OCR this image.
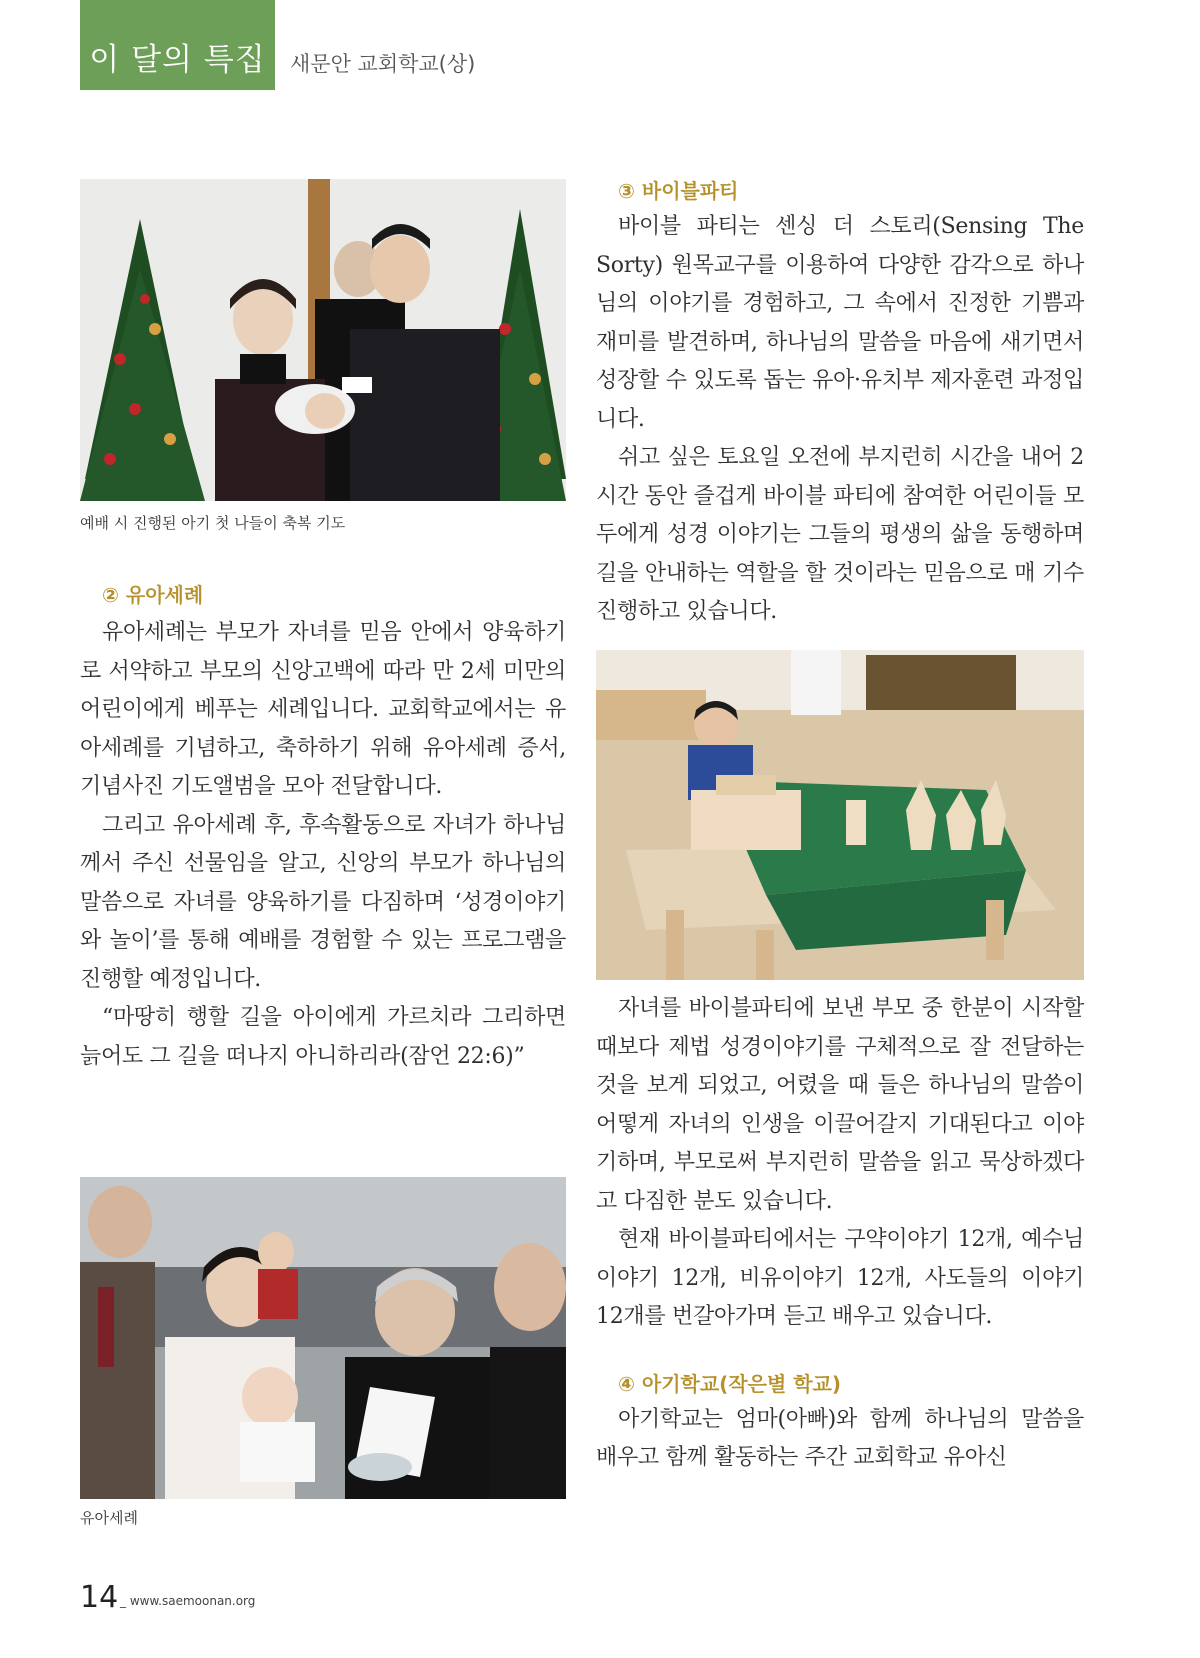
이 달의 특집	새문안 교회학교(상)
예배 시 진행된 아기 첫 나들이 축복 기도
② 유아세례

유아세례는 부모가 자녀를 믿음 안에서 양육하기로 서약하고 부모의 신앙고백에 따라 만 2세 미만의 어린이에게 베푸는 세례입니다. 교회학교에서는 유아세례를 기념하고, 축하하기 위해 유아세례 증서, 기념사진 기도앨범을 모아 전달합니다.

그리고 유아세례 후, 후속활동으로 자녀가 하나님께서 주신 선물임을 알고, 신앙의 부모가 하나님의 말씀으로 자녀를 양육하기를 다짐하며 ‘성경이야기와 놀이’를 통해 예배를 경험할 수 있는 프로그램을 진행할 예정입니다.

“마땅히 행할 길을 아이에게 가르치라 그리하면 늙어도 그 길을 떠나지 아니하리라(잠언 22:6)”

유아세례
③ 바이블파티

바이블 파티는 센싱 더 스토리(Sensing The Sorty) 원목교구를 이용하여 다양한 감각으로 하나님의 이야기를 경험하고, 그 속에서 진정한 기쁨과 재미를 발견하며, 하나님의 말씀을 마음에 새기면서 성장할 수 있도록 돕는 유아·유치부 제자훈련 과정입니다.

쉬고 싶은 토요일 오전에 부지런히 시간을 내어 2시간 동안 즐겁게 바이블 파티에 참여한 어린이들 모두에게 성경 이야기는 그들의 평생의 삶을 동행하며 길을 안내하는 역할을 할 것이라는 믿음으로 매 기수 진행하고 있습니다.

자녀를 바이블파티에 보낸 부모 중 한분이 시작할 때보다 제법 성경이야기를 구체적으로 잘 전달하는 것을 보게 되었고, 어렸을 때 들은 하나님의 말씀이 어떻게 자녀의 인생을 이끌어갈지 기대된다고 이야기하며, 부모로써 부지런히 말씀을 읽고 묵상하겠다고 다짐한 분도 있습니다.

현재 바이블파티에서는 구약이야기 12개, 예수님 이야기 12개, 비유이야기 12개, 사도들의 이야기 12개를 번갈아가며 듣고 배우고 있습니다.

④ 아기학교(작은별 학교)

아기학교는 엄마(아빠)와 함께 하나님의 말씀을 배우고 함께 활동하는 주간 교회학교 유아신

14 _ www.saemoonan.org
